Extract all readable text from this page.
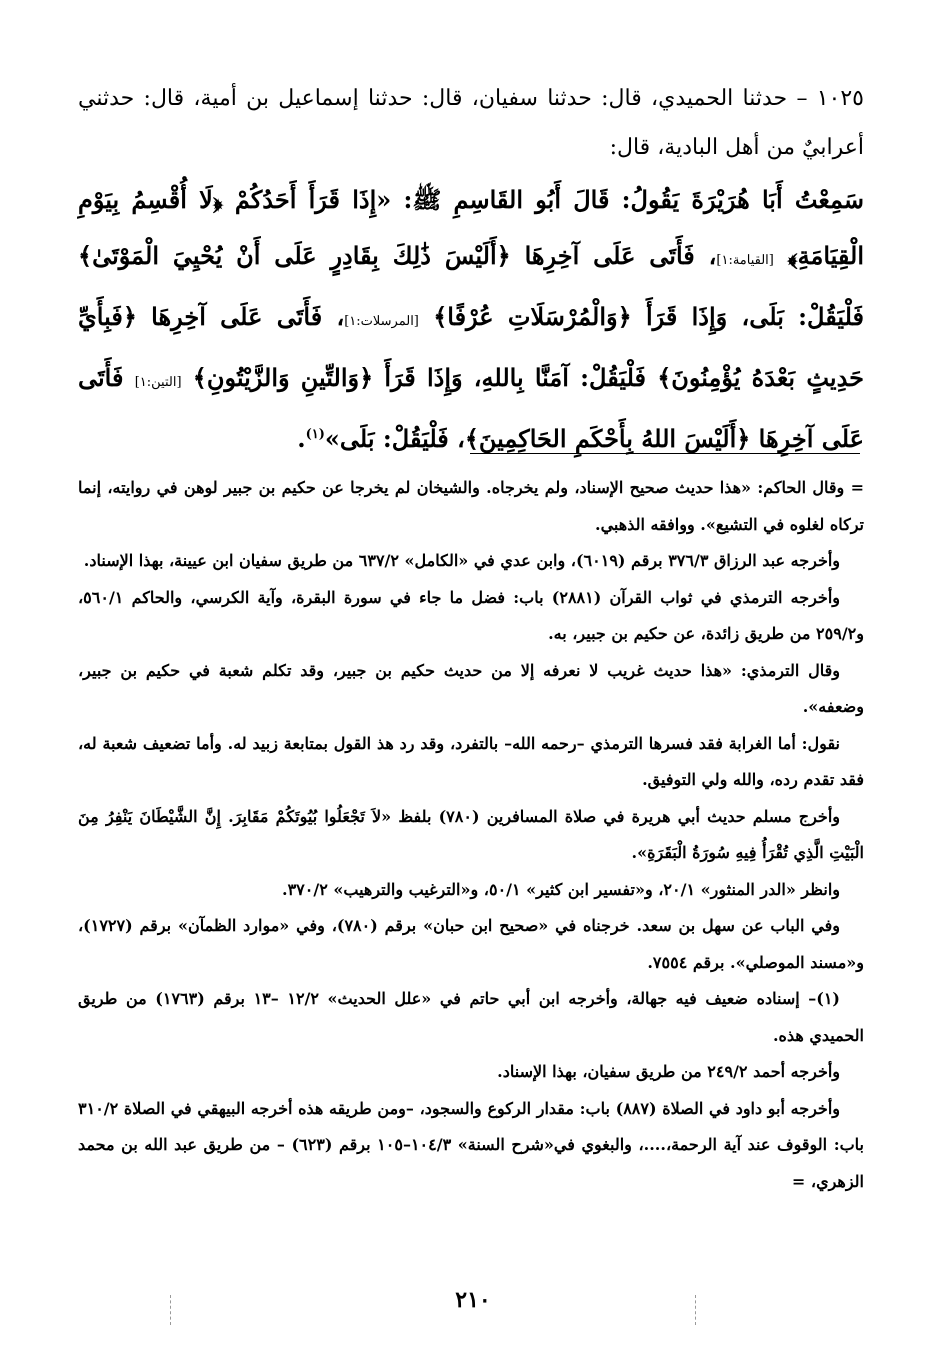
١٠٢٥ – حدثنا الحميدي، قال: حدثنا سفيان، قال: حدثنا إسماعيل بن أمية، قال: حدثني أعرابيٌ من أهل البادية، قال:

سَمِعْتُ أَبَا هُرَيْرَةَ يَقُولُ: قَالَ أَبُو القَاسِمِ ﷺ: «إِذَا قَرَأَ أَحَدُكُمْ ﴿لَا أُقْسِمُ بِيَوْمِ الْقِيَامَةِ﴾ [القيامة:١]، فَأَتَى عَلَى آخِرِهَا ﴿أَلَيْسَ ذَٰلِكَ بِقَادِرٍ عَلَى أَنْ يُحْيِيَ الْمَوْتَىٰ﴾ فَلْيَقُلْ: بَلَى، وَإِذَا قَرَأَ ﴿وَالْمُرْسَلَاتِ عُرْفًا﴾ [المرسلات:١]، فَأَتَى عَلَى آخِرِهَا ﴿فَبِأَيِّ حَدِيثٍ بَعْدَهُ يُؤْمِنُونَ﴾ فَلْيَقُلْ: آمَنَّا بِاللهِ، وَإِذَا قَرَأَ ﴿وَالتِّينِ وَالزَّيْتُونِ﴾ [التين:١] فَأَتَى عَلَى آخِرِهَا ﴿أَلَيْسَ اللهُ بِأَحْكَمِ الحَاكِمِينَ﴾، فَلْيَقُلْ: بَلَى»$^{(١)}$.

= وقال الحاكم: «هذا حديث صحيح الإسناد، ولم يخرجاه. والشيخان لم يخرجا عن حكيم بن جبير لوهن في روايته، إنما تركاه لغلوه في التشيع». ووافقه الذهبي.

وأخرجه عبد الرزاق ٣٧٦/٣ برقم (٦٠١٩)، وابن عدي في «الكامل» ٦٣٧/٢ من طريق سفيان ابن عيينة، بهذا الإسناد.

وأخرجه الترمذي في ثواب القرآن (٢٨٨١) باب: فضل ما جاء في سورة البقرة، وآية الكرسي، والحاكم ٥٦٠/١، و٢٥٩/٢ من طريق زائدة، عن حكيم بن جبير، به.

وقال الترمذي: «هذا حديث غريب لا نعرفه إلا من حديث حكيم بن جبير، وقد تكلم شعبة في حكيم بن جبير، وضعفه».

نقول: أما الغرابة فقد فسرها الترمذي –رحمه الله– بالتفرد، وقد رد هذ القول بمتابعة زبيد له. وأما تضعيف شعبة له، فقد تقدم رده، والله ولي التوفيق.

وأخرج مسلم حديث أبي هريرة في صلاة المسافرين (٧٨٠) بلفظ «لاَ تَجْعَلُوا بُيُوتَكُمْ مَقَابِرَ. إِنَّ الشَّيْطَانَ يَنْفِرُ مِنَ الْبَيْتِ الَّذِي تُقْرَأُ فِيهِ سُورَةُ الْبَقَرَةِ».

وانظر «الدر المنثور» ٢٠/١، و«تفسير ابن كثير» ٥٠/١، و«الترغيب والترهيب» ٣٧٠/٢.

وفي الباب عن سهل بن سعد. خرجناه في «صحيح ابن حبان» برقم (٧٨٠)، وفي «موارد الظمآن» برقم (١٧٢٧)، و«مسند الموصلي». برقم ٧٥٥٤.

(١)– إسناده ضعيف فيه جهالة، وأخرجه ابن أبي حاتم في «علل الحديث» ١٢/٢ –١٣ برقم (١٧٦٣) من طريق الحميدي هذه.

وأخرجه أحمد ٢٤٩/٢ من طريق سفيان، بهذا الإسناد.

وأخرجه أبو داود في الصلاة (٨٨٧) باب: مقدار الركوع والسجود، –ومن طريقه هذه أخرجه البيهقي في الصلاة ٣١٠/٢ باب: الوقوف عند آية الرحمة،....، والبغوي في«شرح السنة» ١٠٤/٣–١٠٥ برقم (٦٢٣) – من طريق عبد الله بن محمد الزهري، =

٢١٠
